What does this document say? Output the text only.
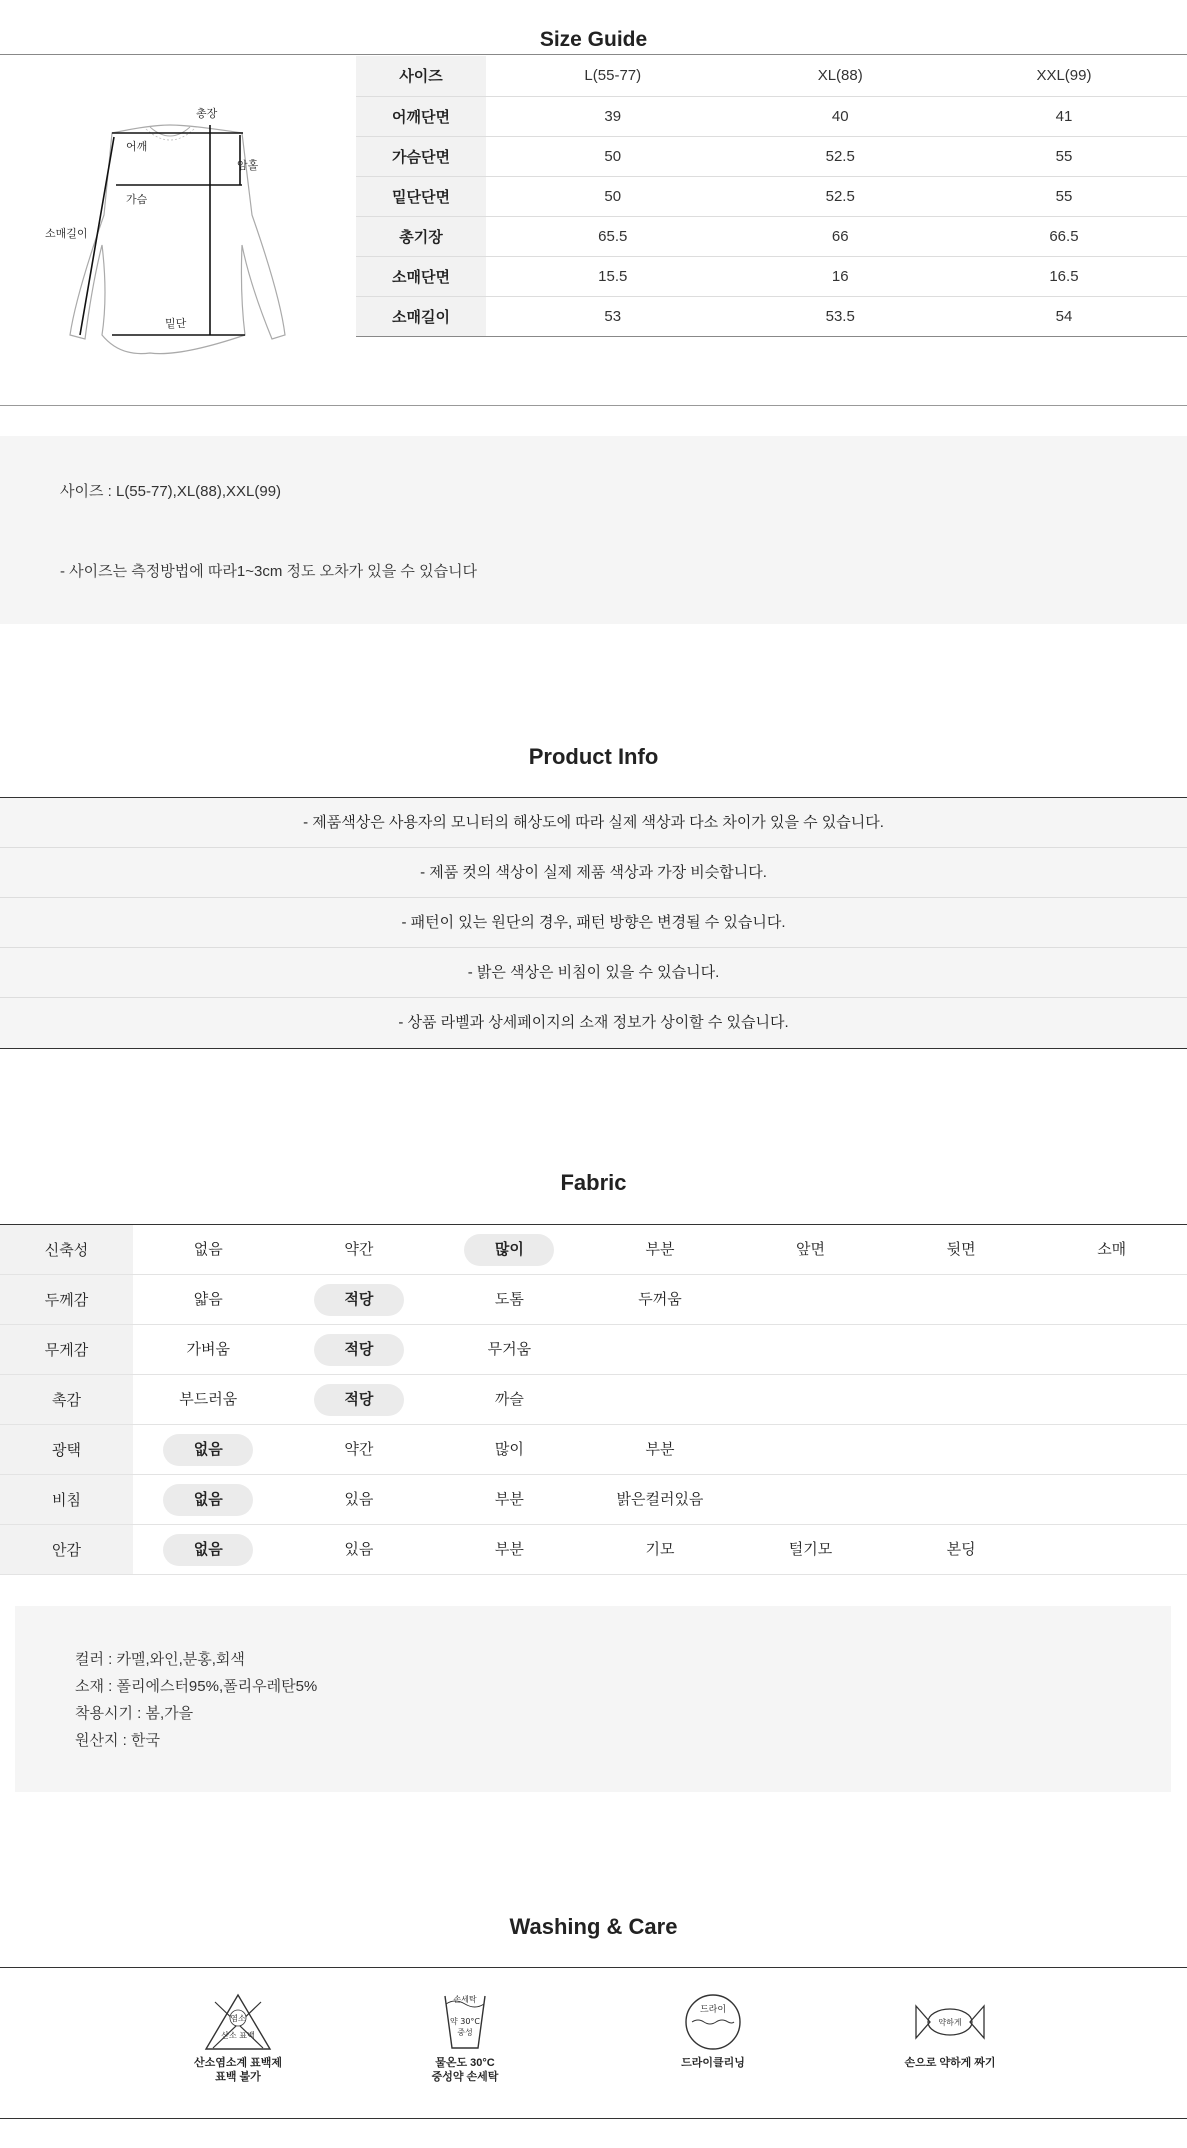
Size Guide
총장
어깨
암홀
가슴
소매길이
밑단
사이즈	L(55-77)	XL(88)	XXL(99)
어깨단면	39	40	41
가슴단면	50	52.5	55
밑단단면	50	52.5	55
총기장	65.5	66	66.5
소매단면	15.5	16	16.5
소매길이	53	53.5	54
사이즈 : L(55-77),XL(88),XXL(99)
- 사이즈는 측정방법에 따라1~3cm 정도 오차가 있을 수 있습니다
Product Info
- 제품색상은 사용자의 모니터의 해상도에 따라 실제 색상과 다소 차이가 있을 수 있습니다.
- 제품 컷의 색상이 실제 제품 색상과 가장 비슷합니다.
- 패턴이 있는 원단의 경우, 패턴 방향은 변경될 수 있습니다.
- 밝은 색상은 비침이 있을 수 있습니다.
- 상품 라벨과 상세페이지의 소재 정보가 상이할 수 있습니다.
Fabric
신축성	없음	약간	많이	부분	앞면	뒷면	소매
두께감	얇음	적당	도톰	두꺼움			
무게감	가벼움	적당	무거움				
촉감	부드러움	적당	까슬				
광택	없음	약간	많이	부분			
비침	없음	있음	부분	밝은컬러있음			
안감	없음	있음	부분	기모	털기모	본딩	
컬러 : 카멜,와인,분홍,회색
소재 : 폴리에스터95%,폴리우레탄5%
착용시기 : 봄,가을
원산지 : 한국
Washing & Care
염소
산소 표백
산소염소계 표백제
표백 불가
손세탁
약 30°C
중성
물온도 30°C
중성약 손세탁
드라이
드라이클리닝
약하게
손으로 약하게 짜기
